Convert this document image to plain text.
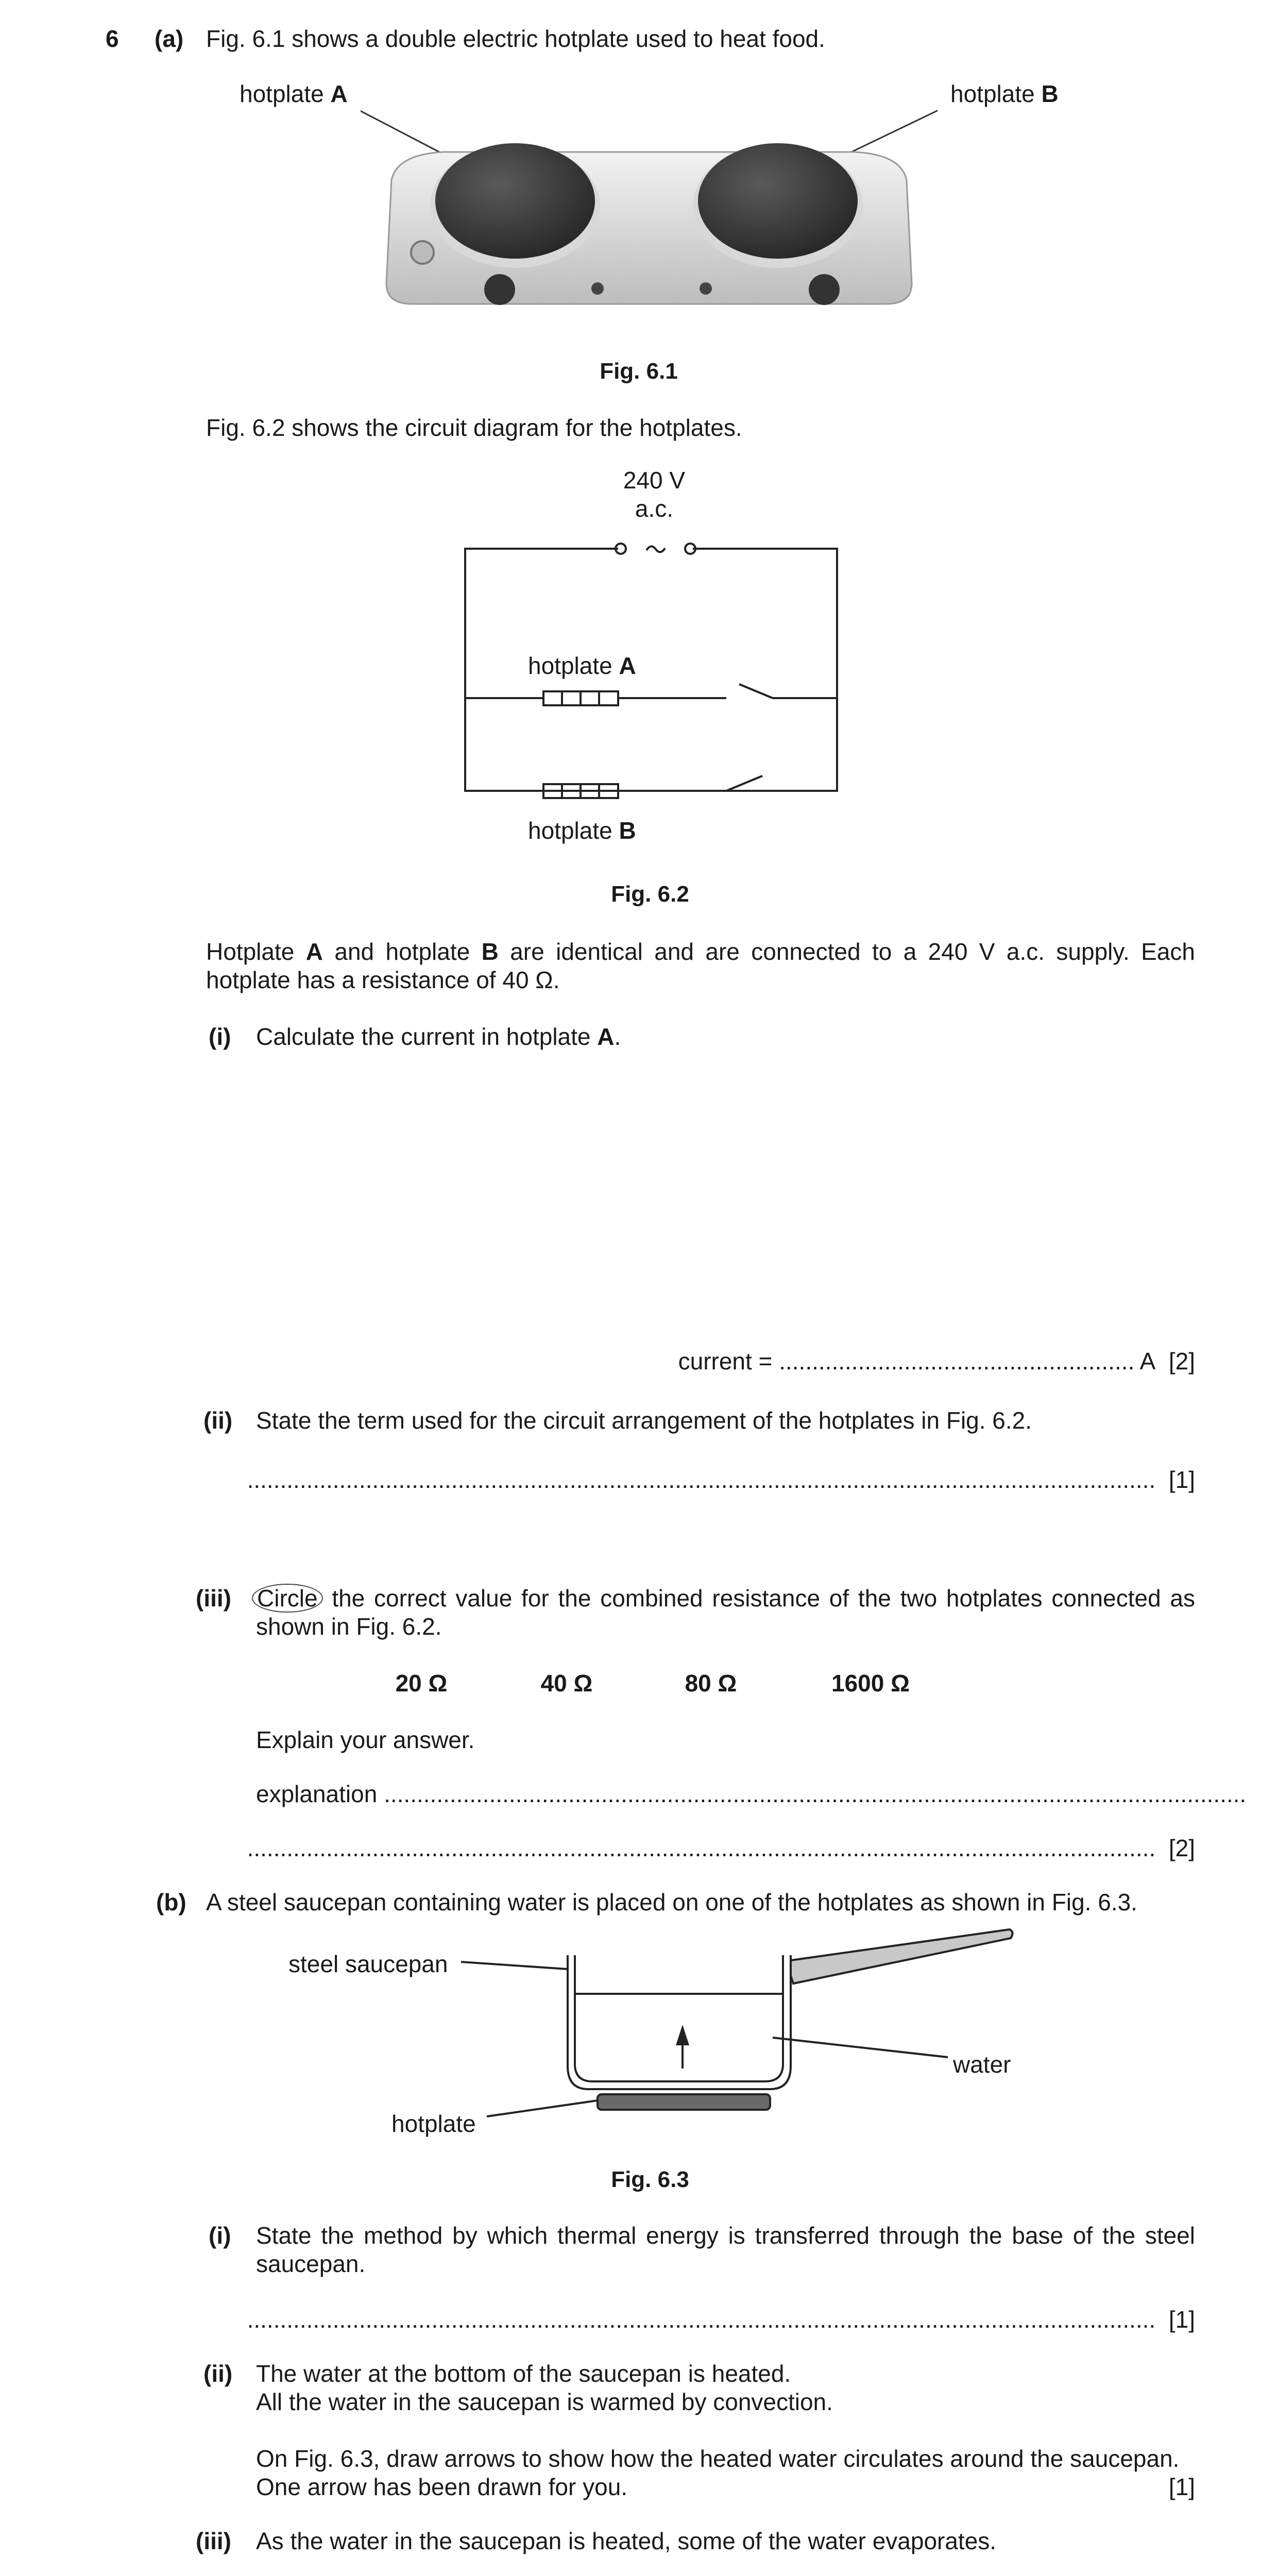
6 (a) Fig. 6.1 shows a double electric hotplate used to heat food.
hotplate A	hotplate B
Fig. 6.1
Fig. 6.2 shows the circuit diagram for the hotplates.
240 V
a.c.
hotplate A
hotplate B
Fig. 6.2
Hotplate A and hotplate B are identical and are connected to a 240 V a.c. supply. Each
hotplate has a resistance of 40 Ω.
(i) Calculate the current in hotplate A.
current = ...................................................... A [2]
(ii) State the term used for the circuit arrangement of the hotplates in Fig. 6.2.
.......................................................................................................................................... [1]
(iii) Circle the correct value for the combined resistance of the two hotplates connected as
shown in Fig. 6.2.
20 Ω	40 Ω	80 Ω	1600 Ω
Explain your answer.
explanation ...................................................................................................................................
.......................................................................................................................................... [2]
(b) A steel saucepan containing water is placed on one of the hotplates as shown in Fig. 6.3.
steel saucepan
water
hotplate
Fig. 6.3
(i) State the method by which thermal energy is transferred through the base of the steel
saucepan.
.......................................................................................................................................... [1]
(ii) The water at the bottom of the saucepan is heated.
All the water in the saucepan is warmed by convection.
On Fig. 6.3, draw arrows to show how the heated water circulates around the saucepan.
One arrow has been drawn for you.	[1]
(iii) As the water in the saucepan is heated, some of the water evaporates.
